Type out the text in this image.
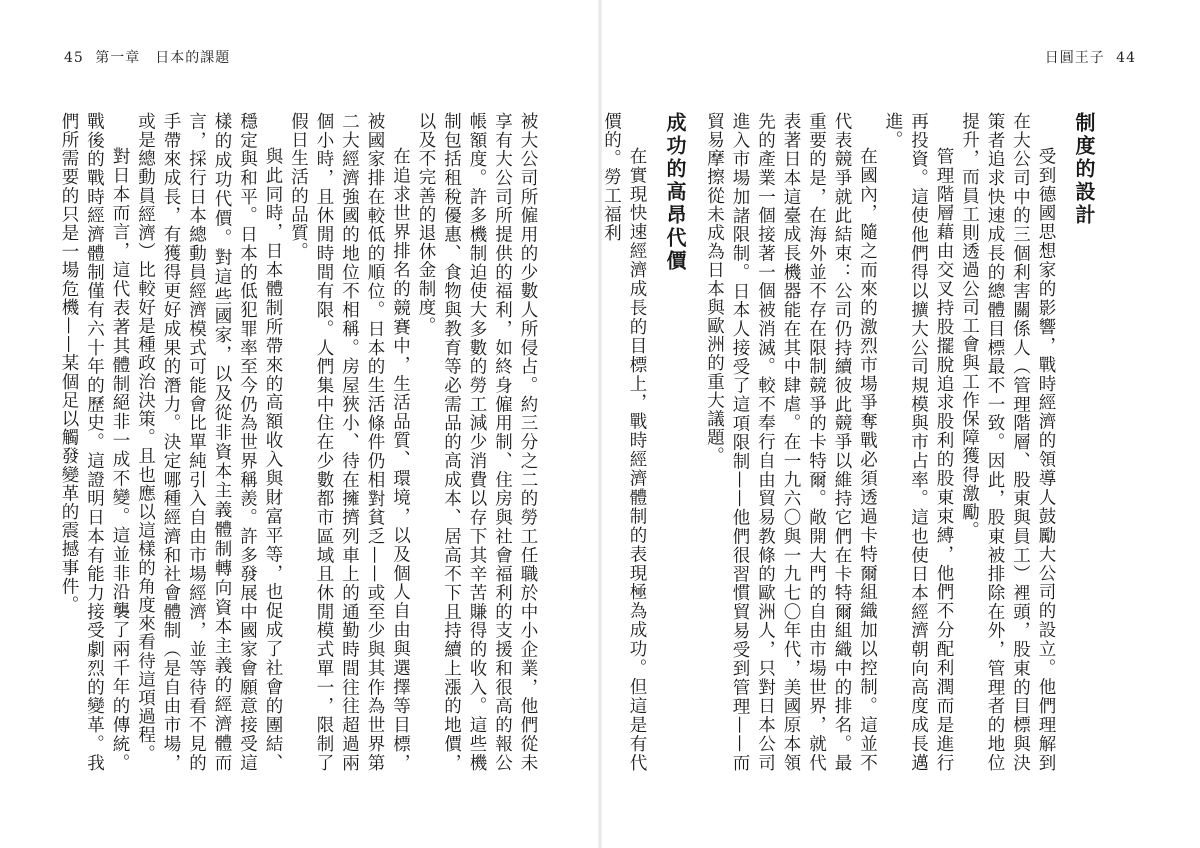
45 第一章　日本的課題

被大公司所僱用的少數人所侵占。約三分之二的勞工任職於中小企業，他們從未享有大公司所提供的福利，如終身僱用制、住房與社會福利的支援和很高的報公帳額度。許多機制迫使大多數的勞工減少消費以存下其辛苦賺得的收入。這些機制包括租稅優惠、食物與教育等必需品的高成本、居高不下且持續上漲的地價，以及不完善的退休金制度。

在追求世界排名的競賽中，生活品質、環境，以及個人自由與選擇等目標，被國家排在較低的順位。日本的生活條件仍相對貧乏——或至少與其作為世界第二大經濟強國的地位不相稱。房屋狹小、待在擁擠列車上的通勤時間往往超過兩個小時，且休閒時間有限。人們集中住在少數都市區域且休閒模式單一，限制了假日生活的品質。

與此同時，日本體制所帶來的高額收入與財富平等，也促成了社會的團結、穩定與和平。日本的低犯罪率至今仍為世界稱羨。許多發展中國家會願意接受這樣的成功代價。對這些國家，以及從非資本主義體制轉向資本主義的經濟體而言，採行日本總動員經濟模式可能會比單純引入自由市場經濟，並等待看不見的手帶來成長，有獲得更好成果的潛力。決定哪種經濟和社會體制（是自由市場，或是總動員經濟）比較好是種政治決策。且也應以這樣的角度來看待這項過程。

對日本而言，這代表著其體制絕非一成不變。這並非沿襲了兩千年的傳統。戰後的戰時經濟體制僅有六十年的歷史。這證明日本有能力接受劇烈的變革。我們所需要的只是一場危機——某個足以觸發變革的震撼事件。

日圓王子 44
制度的設計

受到德國思想家的影響，戰時經濟的領導人鼓勵大公司的設立。他們理解到在大公司中的三個利害關係人（管理階層、股東與員工）裡頭，股東的目標與決策者追求快速成長的總體目標最不一致。因此，股東被排除在外，管理者的地位提升，而員工則透過公司工會與工作保障獲得激勵。

管理階層藉由交叉持股擺脫追求股利的股東束縛，他們不分配利潤而是進行再投資。這使他們得以擴大公司規模與市占率。這也使日本經濟朝向高度成長邁進。

在國內，隨之而來的激烈市場爭奪戰必須透過卡特爾組織加以控制。這並不代表競爭就此結束：公司仍持續彼此競爭以維持它們在卡特爾組織中的排名。最重要的是，在海外並不存在限制競爭的卡特爾。敞開大門的自由市場世界，就代表著日本這臺成長機器能在其中肆虐。在一九六〇與一九七〇年代，美國原本領先的產業一個接著一個被消滅。較不奉行自由貿易教條的歐洲人，只對日本公司進入市場加諸限制。日本人接受了這項限制——他們很習慣貿易受到管理——而貿易摩擦從未成為日本與歐洲的重大議題。

成功的高昂代價

在實現快速經濟成長的目標上，戰時經濟體制的表現極為成功。但這是有代價的。勞工福利
